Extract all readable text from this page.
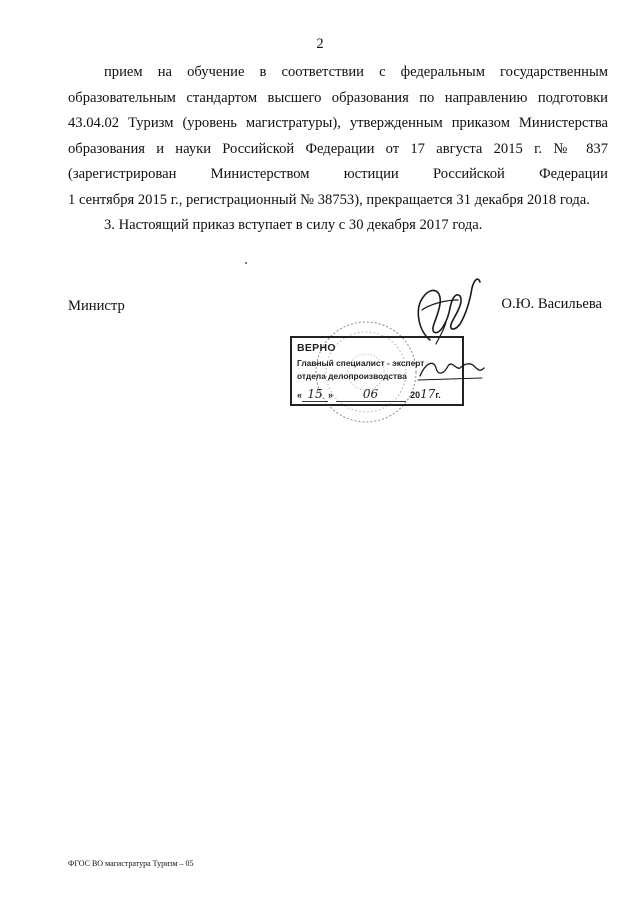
2
прием на обучение в соответствии с федеральным государственным
образовательным стандартом высшего образования по направлению подготовки
43.04.02 Туризм (уровень магистратуры), утвержденным приказом Министерства
образования и науки Российской Федерации от 17 августа 2015 г. № 837
(зарегистрирован Министерством юстиции Российской Федерации
1 сентября 2015 г., регистрационный № 38753), прекращается 31 декабря 2018 года.
3. Настоящий приказ вступает в силу с 30 декабря 2017 года.
Министр	О.Ю. Васильева
ВЕРНО
Главный специалист - эксперт
отдела делопроизводства
« 15 » 06	2017г.
ФГОС ВО магистратура Туризм – 05
